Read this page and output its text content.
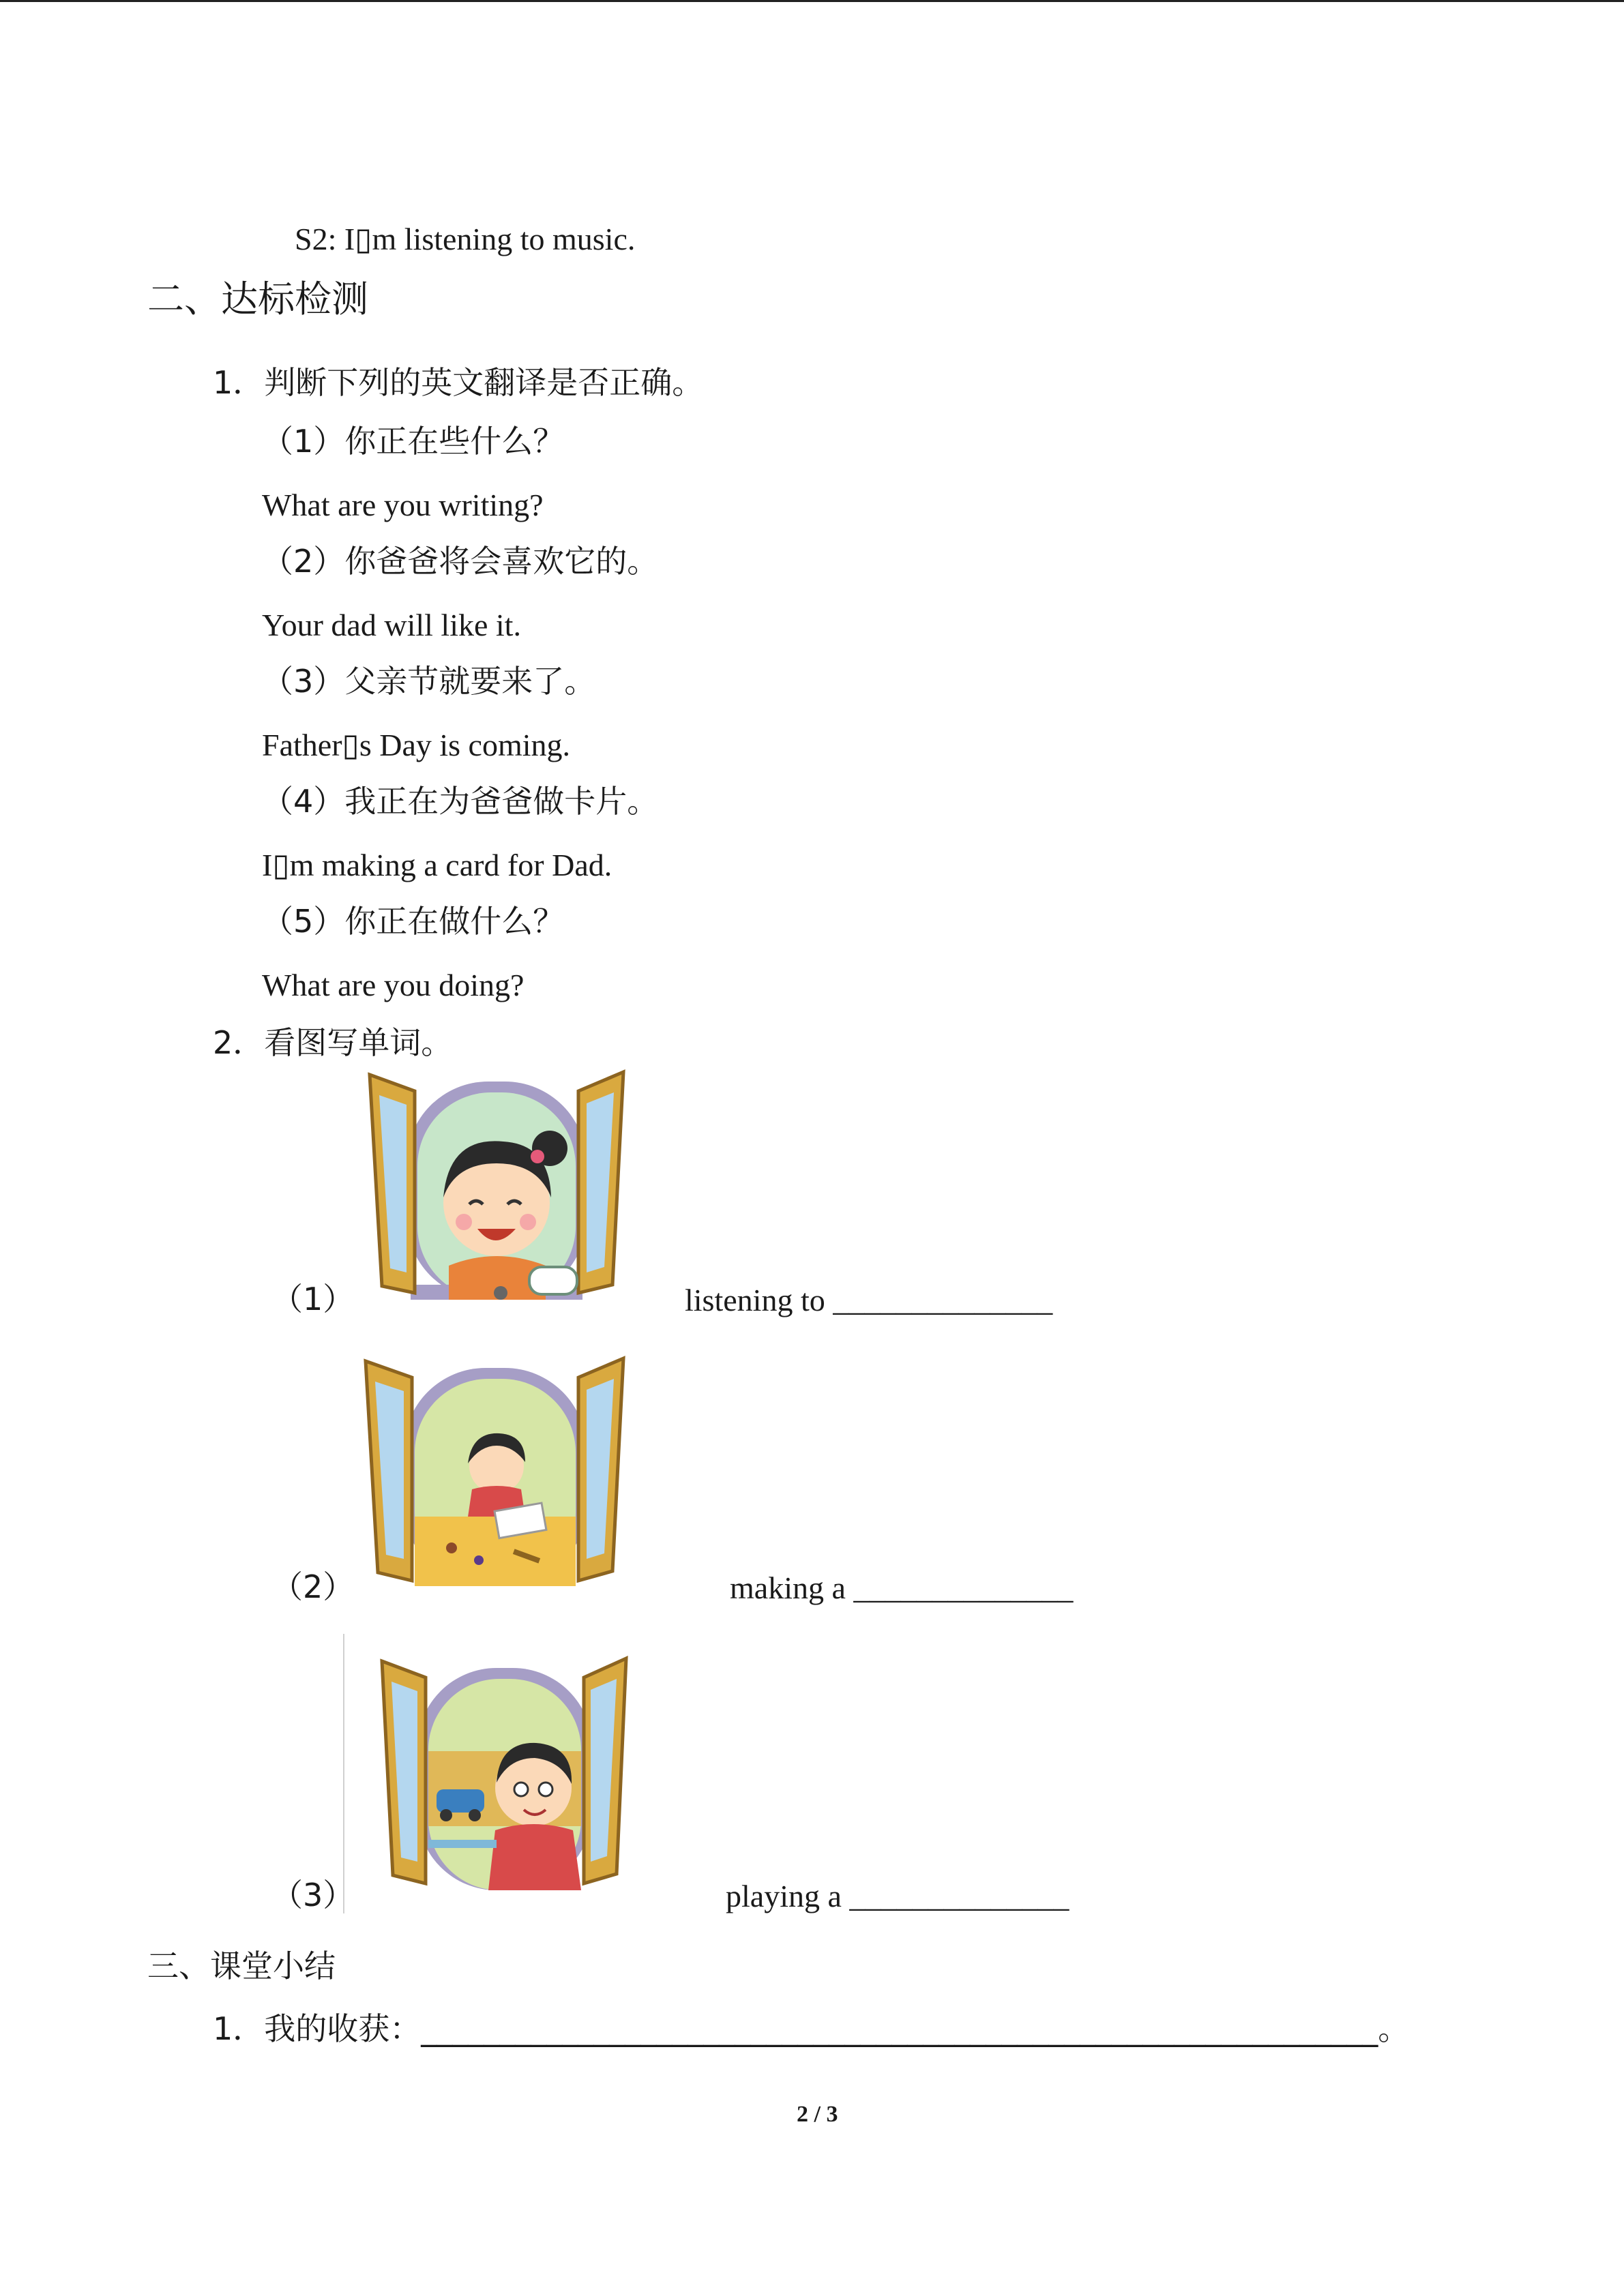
S2: I▯m listening to music.
二、达标检测
1．判断下列的英文翻译是否正确。
（1）你正在些什么？
What are you writing?
（2）你爸爸将会喜欢它的。
Your dad will like it.
（3）父亲节就要来了。
Father▯s Day is coming.
（4）我正在为爸爸做卡片。
I▯m making a card for Dad.
（5）你正在做什么？
What are you doing?
2．看图写单词。
（1）	listening to ______________
（2）	making a ______________
（3）	playing a ______________
三、课堂小结
1．我的收获：_____________________________________________________________。
2 / 3
